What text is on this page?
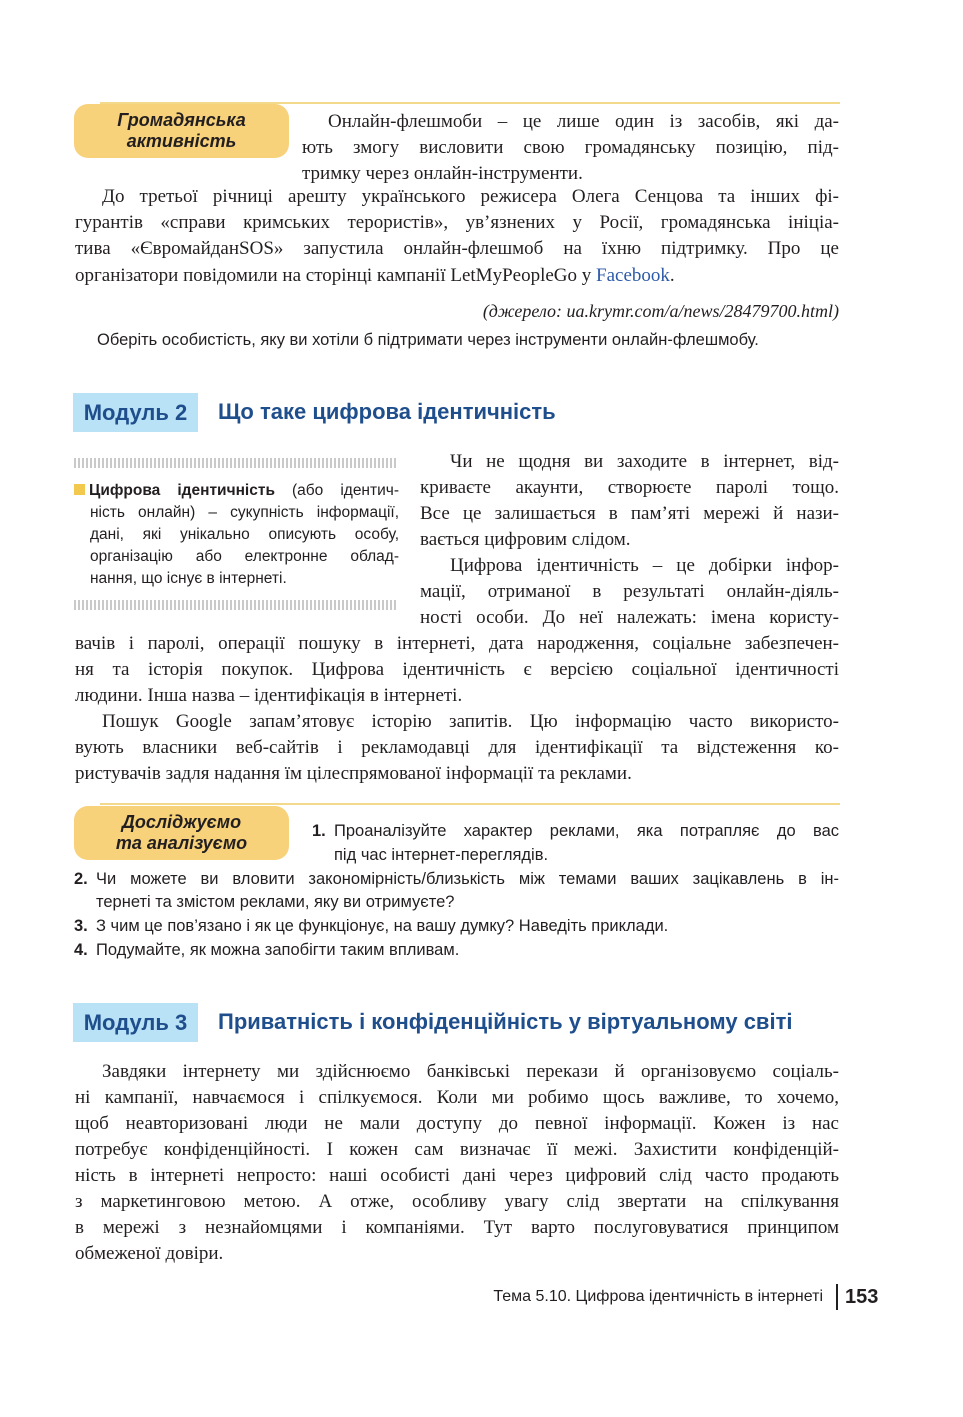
Громадянська
активність
Онлайн-флешмоби – це лише один із засобів, які да-
ють змогу висловити свою громадянську позицію, під-
тримку через онлайн-інструменти.
До третьої річниці арешту українського режисера Олега Сенцова та інших фі-
гурантів «справи кримських терористів», ув’язнених у Росії, громадянська ініціа-
тива «ЄвромайданSOS» запустила онлайн-флешмоб на їхню підтримку. Про це
організатори повідомили на сторінці кампанії LetMyPeopleGo у Facebook.
(джерело: ua.krymr.com/a/news/28479700.html)
Оберіть особистість, яку ви хотіли б підтримати через інструменти онлайн-флешмобу.
Модуль 2	Що таке цифрова ідентичність
Цифрова ідентичність (або ідентич-
ність онлайн) – сукупність інформації,
дані, які унікально описують особу,
організацію або електронне облад-
нання, що існує в інтернеті.
Чи не щодня ви заходите в інтернет, від-
криваєте акаунти, створюєте паролі тощо.
Все це залишається в пам’яті мережі й нази-
вається цифровим слідом.
Цифрова ідентичність – це добірки інфор-
мації, отриманої в результаті онлайн-діяль-
ності особи. До неї належать: імена користу-
вачів і паролі, операції пошуку в інтернеті, дата народження, соціальне забезпечен-
ня та історія покупок. Цифрова ідентичність є версією соціальної ідентичності
людини. Інша назва – ідентифікація в інтернеті.
Пошук Google запам’ятовує історію запитів. Цю інформацію часто використо-
вують власники веб-сайтів і рекламодавці для ідентифікації та відстеження ко-
ристувачів задля надання їм цілеспрямованої інформації та реклами.
Досліджуємо
та аналізуємо
1. Проаналізуйте характер реклами, яка потрапляє до вас
під час інтернет-переглядів.
2. Чи можете ви вловити закономірність/близькість між темами ваших зацікавлень в ін-
тернеті та змістом реклами, яку ви отримуєте?
3. З чим це пов’язано і як це функціонує, на вашу думку? Наведіть приклади.
4. Подумайте, як можна запобігти таким впливам.
Модуль 3	Приватність і конфіденційність у віртуальному світі
Завдяки інтернету ми здійснюємо банківські перекази й організовуємо соціаль-
ні кампанії, навчаємося і спілкуємося. Коли ми робимо щось важливе, то хочемо,
щоб неавторизовані люди не мали доступу до певної інформації. Кожен із нас
потребує конфіденційності. І кожен сам визначає її межі. Захистити конфіденцій-
ність в інтернеті непросто: наші особисті дані через цифровий слід часто продають
з маркетинговою метою. А отже, особливу увагу слід звертати на спілкування
в мережі з незнайомцями і компаніями. Тут варто послуговуватися принципом
обмеженої довіри.
Тема 5.10. Цифрова ідентичність в інтернеті 153
